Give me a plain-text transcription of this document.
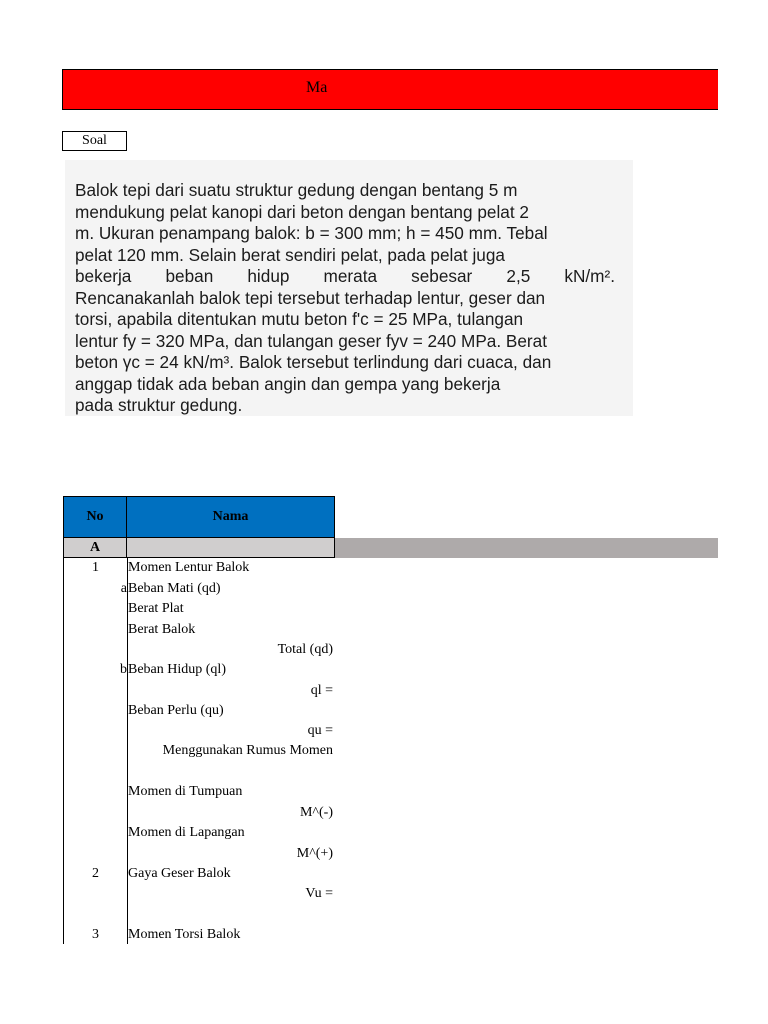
Ma
Soal

Balok tepi dari suatu struktur gedung dengan bentang 5 m

mendukung pelat kanopi dari beton dengan bentang pelat 2

m. Ukuran penampang balok: b = 300 mm; h = 450 mm. Tebal

pelat 120 mm. Selain berat sendiri pelat, pada pelat juga

bekerja beban hidup merata sebesar 2,5 kN/m².

Rencanakanlah balok tepi tersebut terhadap lentur, geser dan

torsi, apabila ditentukan mutu beton f'c = 25 MPa, tulangan

lentur fy = 320 MPa, dan tulangan geser fyv = 240 MPa. Berat

beton γc = 24 kN/m³. Balok tersebut terlindung dari cuaca, dan

anggap tidak ada beban angin dan gempa yang bekerja

pada struktur gedung.

No	Nama
A
1	Momen Lentur Balok
a Beban Mati (qd)
Berat Plat
Berat Balok
Total (qd)
b Beban Hidup (ql)
ql =
Beban Perlu (qu)
qu =
Menggunakan Rumus Momen
Momen di Tumpuan
M^(-)
Momen di Lapangan
M^(+)
2	Gaya Geser Balok
Vu =
3	Momen Torsi Balok
